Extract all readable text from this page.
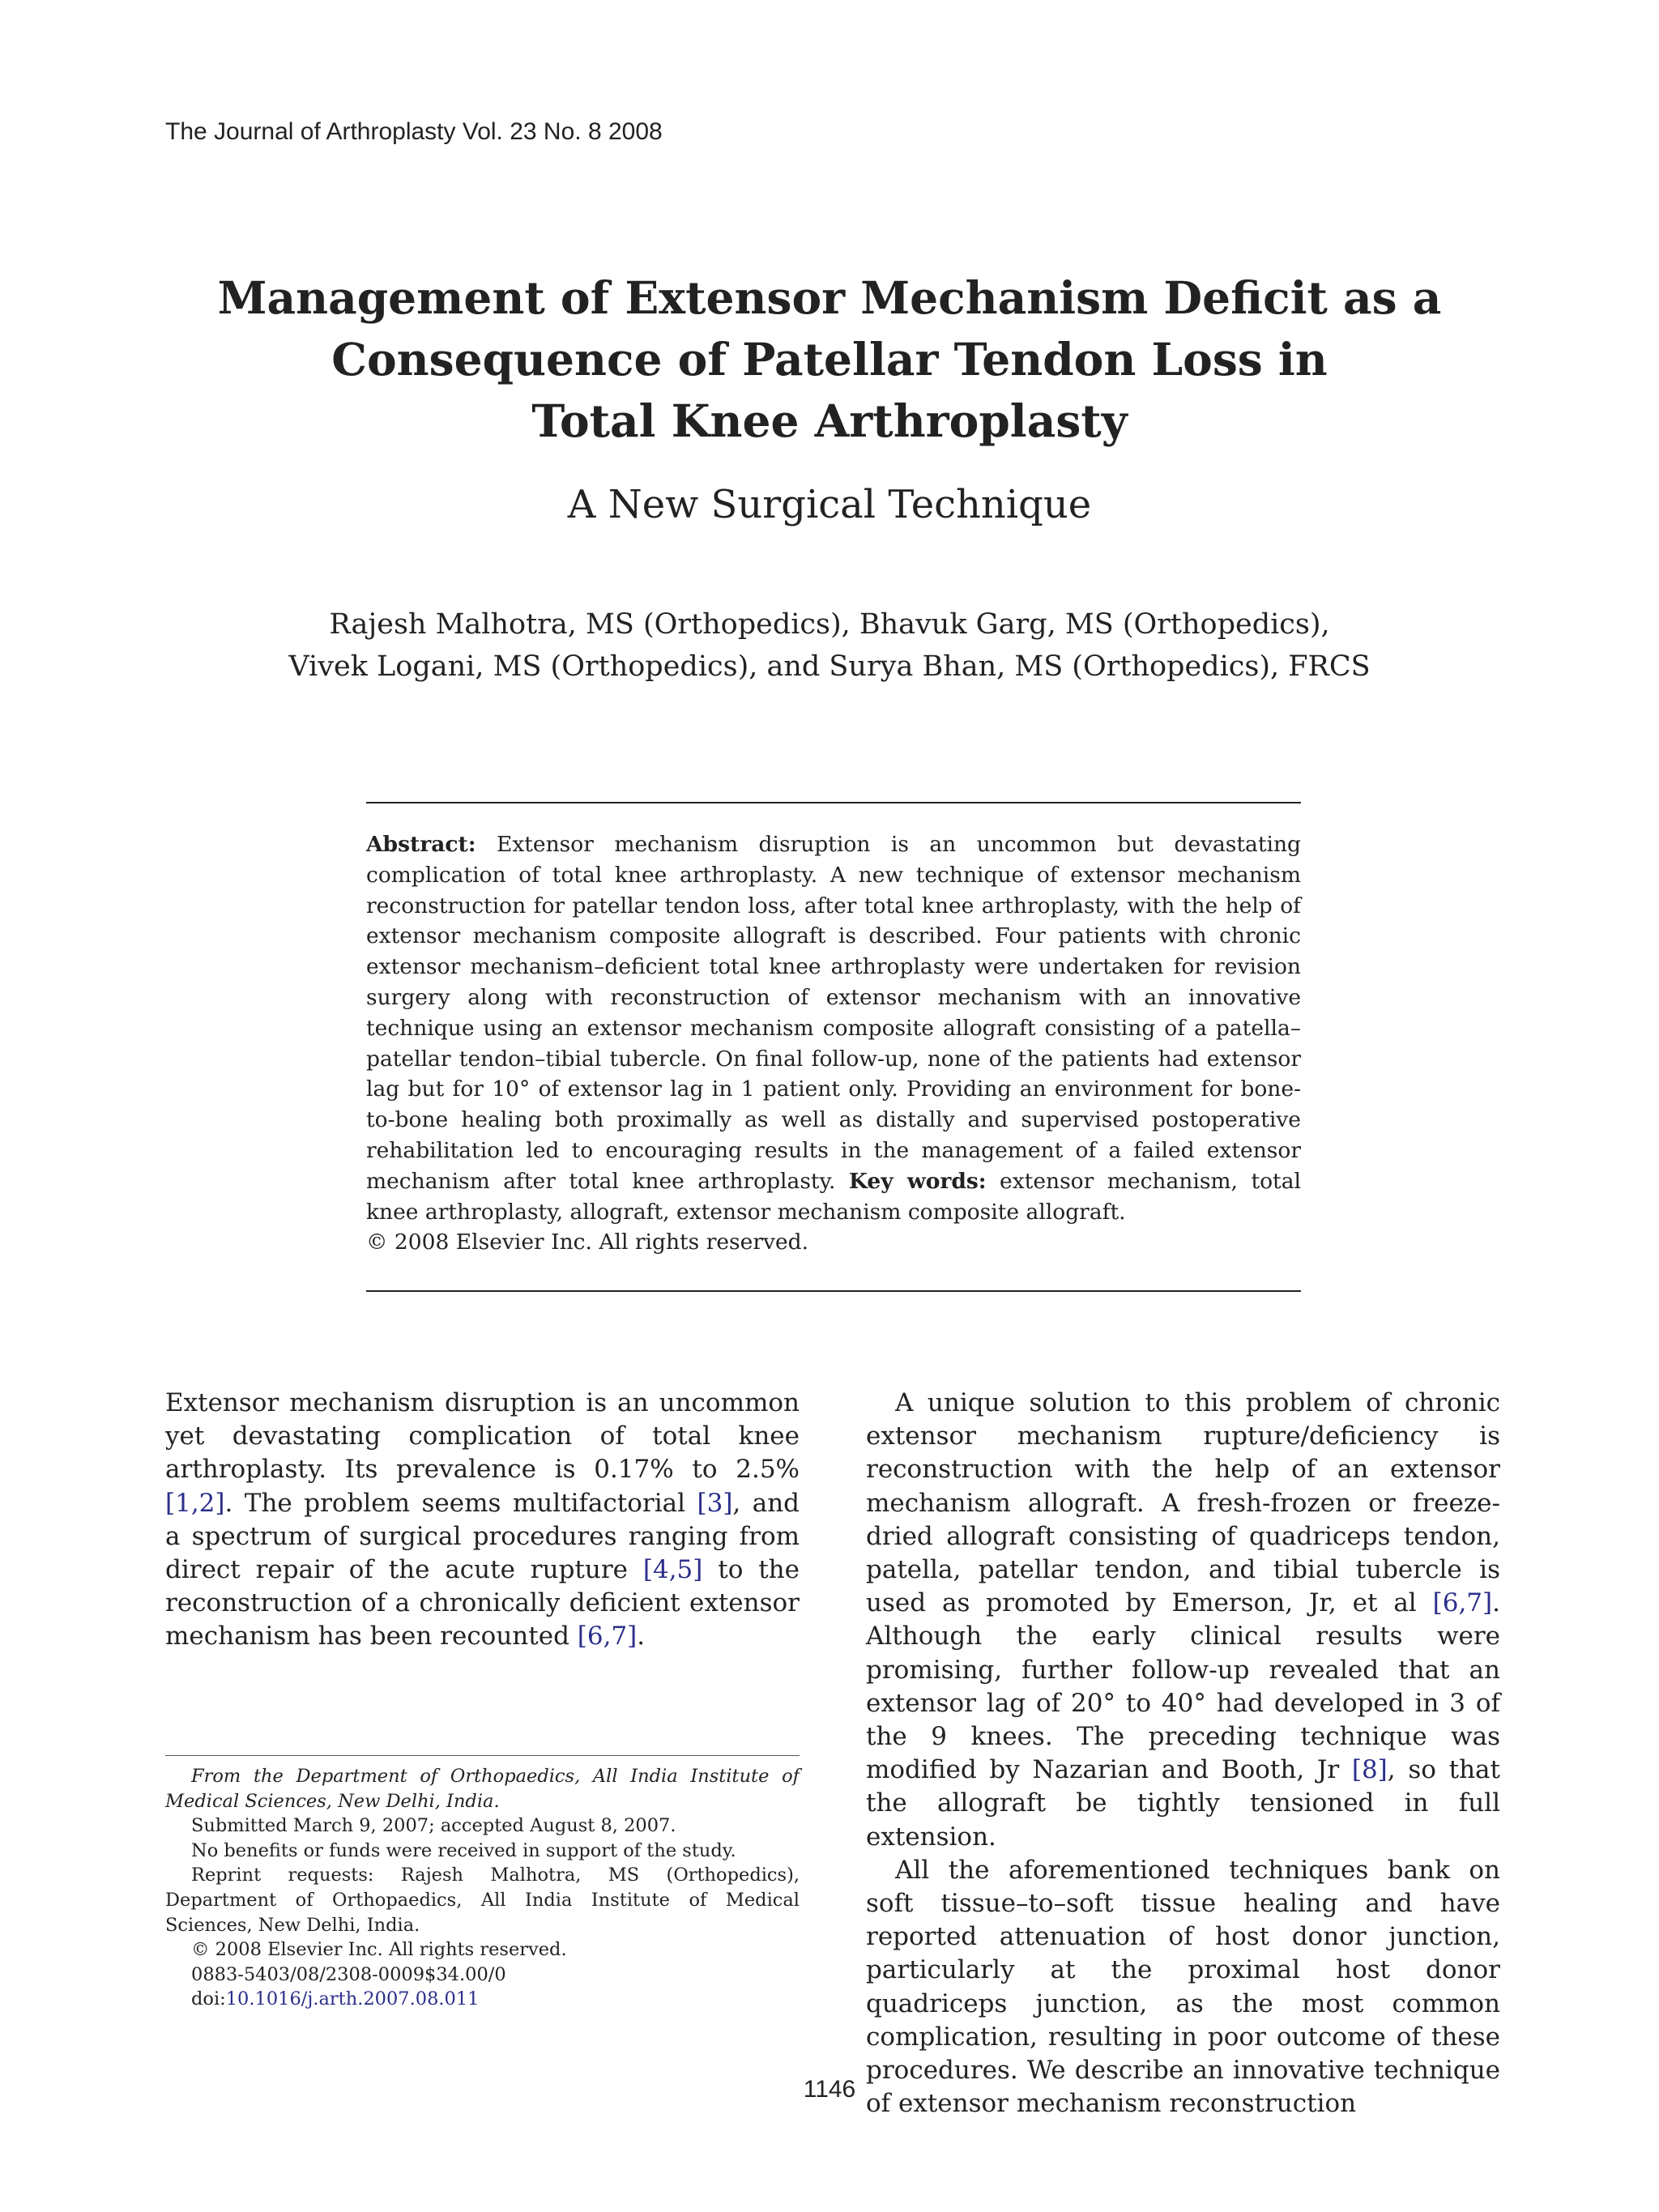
The Journal of Arthroplasty Vol. 23 No. 8 2008
Management of Extensor Mechanism Deficit as a
Consequence of Patellar Tendon Loss in
Total Knee Arthroplasty
A New Surgical Technique
Rajesh Malhotra, MS (Orthopedics), Bhavuk Garg, MS (Orthopedics),
Vivek Logani, MS (Orthopedics), and Surya Bhan, MS (Orthopedics), FRCS
Abstract: Extensor mechanism disruption is an uncommon but devastating complication of total knee arthroplasty. A new technique of extensor mechanism reconstruction for patellar tendon loss, after total knee arthroplasty, with the help of extensor mechanism composite allograft is described. Four patients with chronic extensor mechanism–deficient total knee arthroplasty were undertaken for revision surgery along with reconstruction of extensor mechanism with an innovative technique using an extensor mechanism composite allograft consisting of a patella–patellar tendon–tibial tubercle. On final follow-up, none of the patients had extensor lag but for 10° of extensor lag in 1 patient only. Providing an environment for bone-to-bone healing both proximally as well as distally and supervised postoperative rehabilitation led to encouraging results in the management of a failed extensor mechanism after total knee arthroplasty. Key words: extensor mechanism, total knee arthroplasty, allograft, extensor mechanism composite allograft.
© 2008 Elsevier Inc. All rights reserved.

Extensor mechanism disruption is an uncommon yet devastating complication of total knee arthroplasty. Its prevalence is 0.17% to 2.5% [1,2]. The problem seems multifactorial [3], and a spectrum of surgical procedures ranging from direct repair of the acute rupture [4,5] to the reconstruction of a chronically deficient extensor mechanism has been recounted [6,7].

A unique solution to this problem of chronic extensor mechanism rupture/deficiency is reconstruction with the help of an extensor mechanism allograft. A fresh-frozen or freeze-dried allograft consisting of quadriceps tendon, patella, patellar tendon, and tibial tubercle is used as promoted by Emerson, Jr, et al [6,7]. Although the early clinical results were promising, further follow-up revealed that an extensor lag of 20° to 40° had developed in 3 of the 9 knees. The preceding technique was modified by Nazarian and Booth, Jr [8], so that the allograft be tightly tensioned in full extension.

All the aforementioned techniques bank on soft tissue–to–soft tissue healing and have reported attenuation of host donor junction, particularly at the proximal host donor quadriceps junction, as the most common complication, resulting in poor outcome of these procedures. We describe an innovative technique of extensor mechanism reconstruction

From the Department of Orthopaedics, All India Institute of Medical Sciences, New Delhi, India.

Submitted March 9, 2007; accepted August 8, 2007.

No benefits or funds were received in support of the study.

Reprint requests: Rajesh Malhotra, MS (Orthopedics), Department of Orthopaedics, All India Institute of Medical Sciences, New Delhi, India.

© 2008 Elsevier Inc. All rights reserved.

0883-5403/08/2308-0009$34.00/0

doi:10.1016/j.arth.2007.08.011

1146
